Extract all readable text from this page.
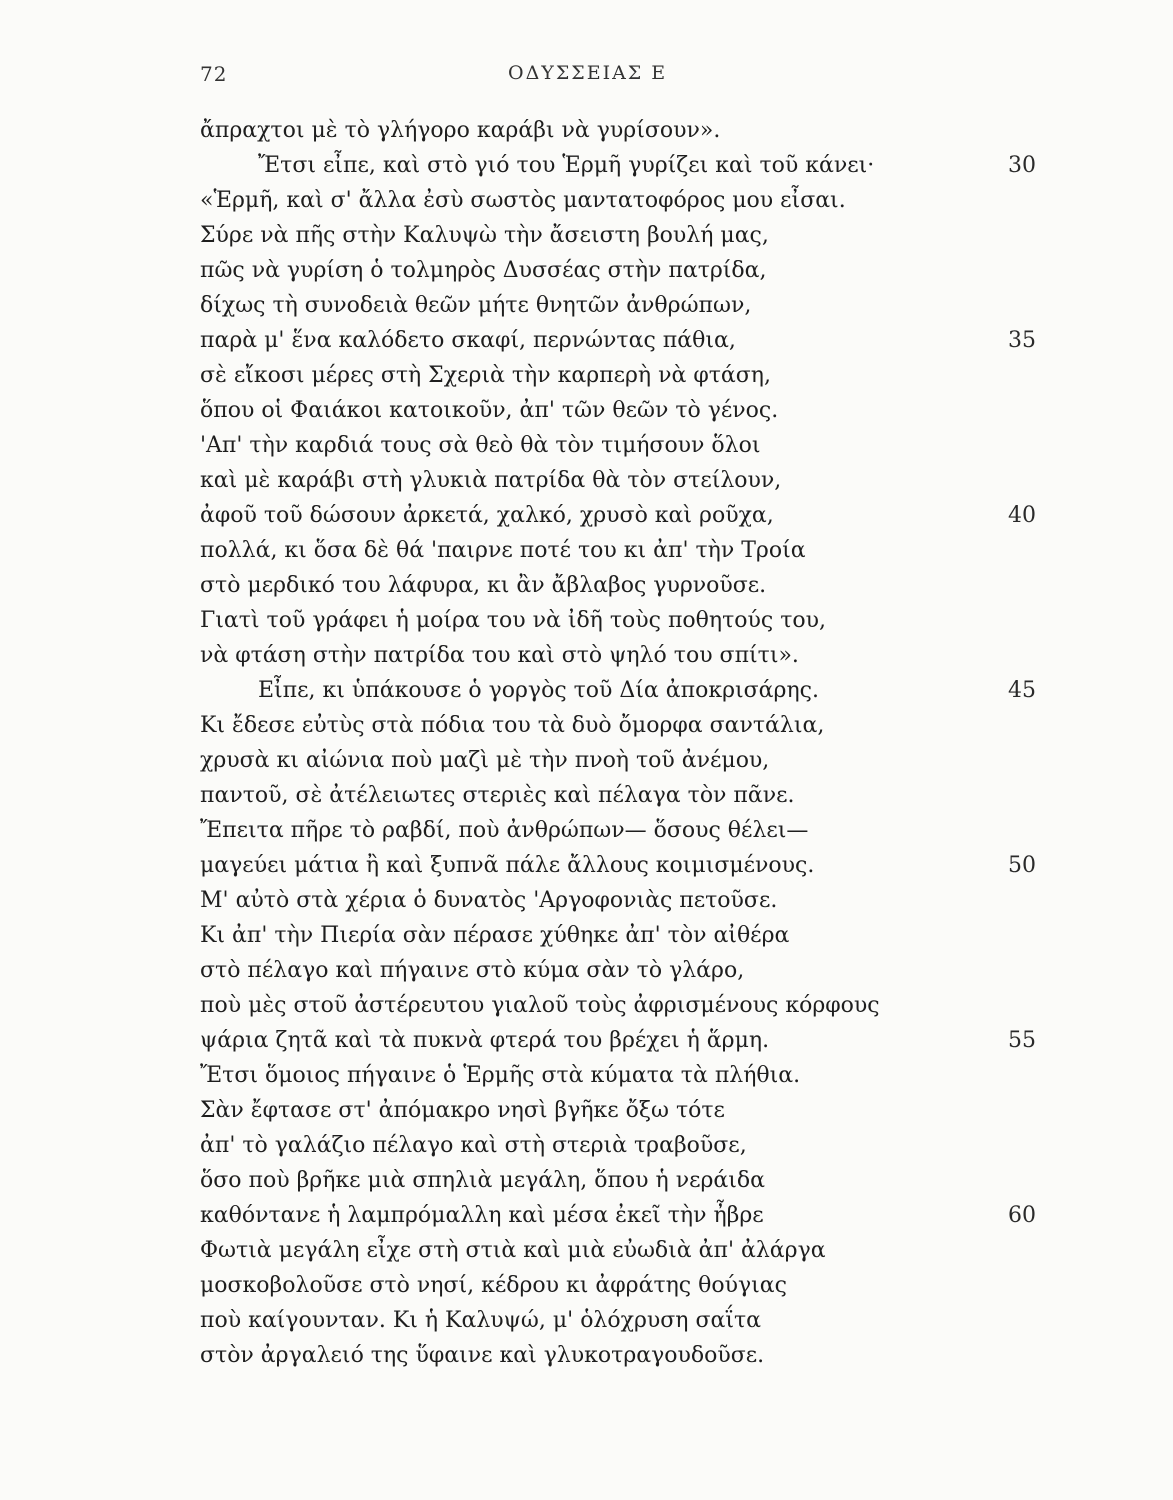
72	ΟΔΥΣΣΕΙΑΣ Ε
ἄπραχτοι μὲ τὸ γλήγορο καράβι νὰ γυρίσουν».
Ἔτσι εἶπε, καὶ στὸ γιό του Ἑρμῆ γυρίζει καὶ τοῦ κάνει·	30
«Ἑρμῆ, καὶ σ' ἄλλα ἐσὺ σωστὸς μαντατοφόρος μου εἶσαι.
Σύρε νὰ πῆς στὴν Καλυψὼ τὴν ἄσειστη βουλή μας,
πῶς νὰ γυρίση ὁ τολμηρὸς Δυσσέας στὴν πατρίδα,
δίχως τὴ συνοδειὰ θεῶν μήτε θνητῶν ἀνθρώπων,
παρὰ μ' ἕνα καλόδετο σκαφί, περνώντας πάθια,	35
σὲ εἴκοσι μέρες στὴ Σχεριὰ τὴν καρπερὴ νὰ φτάση,
ὅπου οἱ Φαιάκοι κατοικοῦν, ἀπ' τῶν θεῶν τὸ γένος.
'Απ' τὴν καρδιά τους σὰ θεὸ θὰ τὸν τιμήσουν ὅλοι
καὶ μὲ καράβι στὴ γλυκιὰ πατρίδα θὰ τὸν στείλουν,
ἀφοῦ τοῦ δώσουν ἀρκετά, χαλκό, χρυσὸ καὶ ροῦχα,	40
πολλά, κι ὅσα δὲ θά 'παιρνε ποτέ του κι ἀπ' τὴν Τροία
στὸ μερδικό του λάφυρα, κι ἂν ἄβλαβος γυρνοῦσε.
Γιατὶ τοῦ γράφει ἡ μοίρα του νὰ ἰδῆ τοὺς ποθητούς του,
νὰ φτάση στὴν πατρίδα του καὶ στὸ ψηλό του σπίτι».
Εἶπε, κι ὑπάκουσε ὁ γοργὸς τοῦ Δία ἀποκρισάρης.	45
Κι ἔδεσε εὐτὺς στὰ πόδια του τὰ δυὸ ὄμορφα σαντάλια,
χρυσὰ κι αἰώνια ποὺ μαζὶ μὲ τὴν πνοὴ τοῦ ἀνέμου,
παντοῦ, σὲ ἀτέλειωτες στεριὲς καὶ πέλαγα τὸν πᾶνε.
Ἔπειτα πῆρε τὸ ραβδί, ποὺ ἀνθρώπων— ὅσους θέλει—
μαγεύει μάτια ἢ καὶ ξυπνᾶ πάλε ἄλλους κοιμισμένους.	50
Μ' αὐτὸ στὰ χέρια ὁ δυνατὸς 'Αργοφονιὰς πετοῦσε.
Κι ἀπ' τὴν Πιερία σὰν πέρασε χύθηκε ἀπ' τὸν αἰθέρα
στὸ πέλαγο καὶ πήγαινε στὸ κύμα σὰν τὸ γλάρο,
ποὺ μὲς στοῦ ἀστέρευτου γιαλοῦ τοὺς ἀφρισμένους κόρφους
ψάρια ζητᾶ καὶ τὰ πυκνὰ φτερά του βρέχει ἡ ἅρμη.	55
Ἔτσι ὅμοιος πήγαινε ὁ Ἑρμῆς στὰ κύματα τὰ πλήθια.
Σὰν ἔφτασε στ' ἀπόμακρο νησὶ βγῆκε ὄξω τότε
ἀπ' τὸ γαλάζιο πέλαγο καὶ στὴ στεριὰ τραβοῦσε,
ὅσο ποὺ βρῆκε μιὰ σπηλιὰ μεγάλη, ὅπου ἡ νεράιδα
καθόντανε ἡ λαμπρόμαλλη καὶ μέσα ἐκεῖ τὴν ἦβρε	60
Φωτιὰ μεγάλη εἶχε στὴ στιὰ καὶ μιὰ εὐωδιὰ ἀπ' ἀλάργα
μοσκοβολοῦσε στὸ νησί, κέδρου κι ἀφράτης θούγιας
ποὺ καίγουνταν. Κι ἡ Καλυψώ, μ' ὁλόχρυση σαΐτα
στὸν ἀργαλειό της ὕφαινε καὶ γλυκοτραγουδοῦσε.
